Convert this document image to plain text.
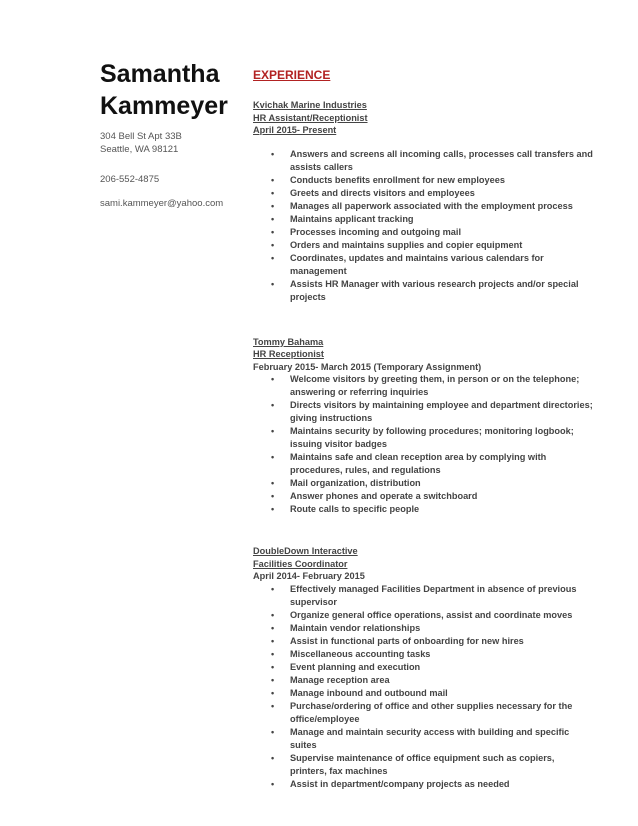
Samantha
Kammeyer
304 Bell St Apt 33B
Seattle, WA 98121
206-552-4875
sami.kammeyer@yahoo.com
EXPERIENCE
Kvichak Marine Industries
HR Assistant/Receptionist
April 2015- Present
• Answers and screens all incoming calls, processes call transfers and assists callers
• Conducts benefits enrollment for new employees
• Greets and directs visitors and employees
• Manages all paperwork associated with the employment process
• Maintains applicant tracking
• Processes incoming and outgoing mail
• Orders and maintains supplies and copier equipment
• Coordinates, updates and maintains various calendars for management
• Assists HR Manager with various research projects and/or special projects
Tommy Bahama
HR Receptionist
February 2015- March 2015 (Temporary Assignment)
• Welcome visitors by greeting them, in person or on the telephone; answering or referring inquiries
• Directs visitors by maintaining employee and department directories; giving instructions
• Maintains security by following procedures; monitoring logbook; issuing visitor badges
• Maintains safe and clean reception area by complying with procedures, rules, and regulations
• Mail organization, distribution
• Answer phones and operate a switchboard
• Route calls to specific people
DoubleDown Interactive
Facilities Coordinator
April 2014- February 2015
• Effectively managed Facilities Department in absence of previous supervisor
• Organize general office operations, assist and coordinate moves
• Maintain vendor relationships
• Assist in functional parts of onboarding for new hires
• Miscellaneous accounting tasks
• Event planning and execution
• Manage reception area
• Manage inbound and outbound mail
• Purchase/ordering of office and other supplies necessary for the office/employee
• Manage and maintain security access with building and specific suites
• Supervise maintenance of office equipment such as copiers, printers, fax machines
• Assist in department/company projects as needed
